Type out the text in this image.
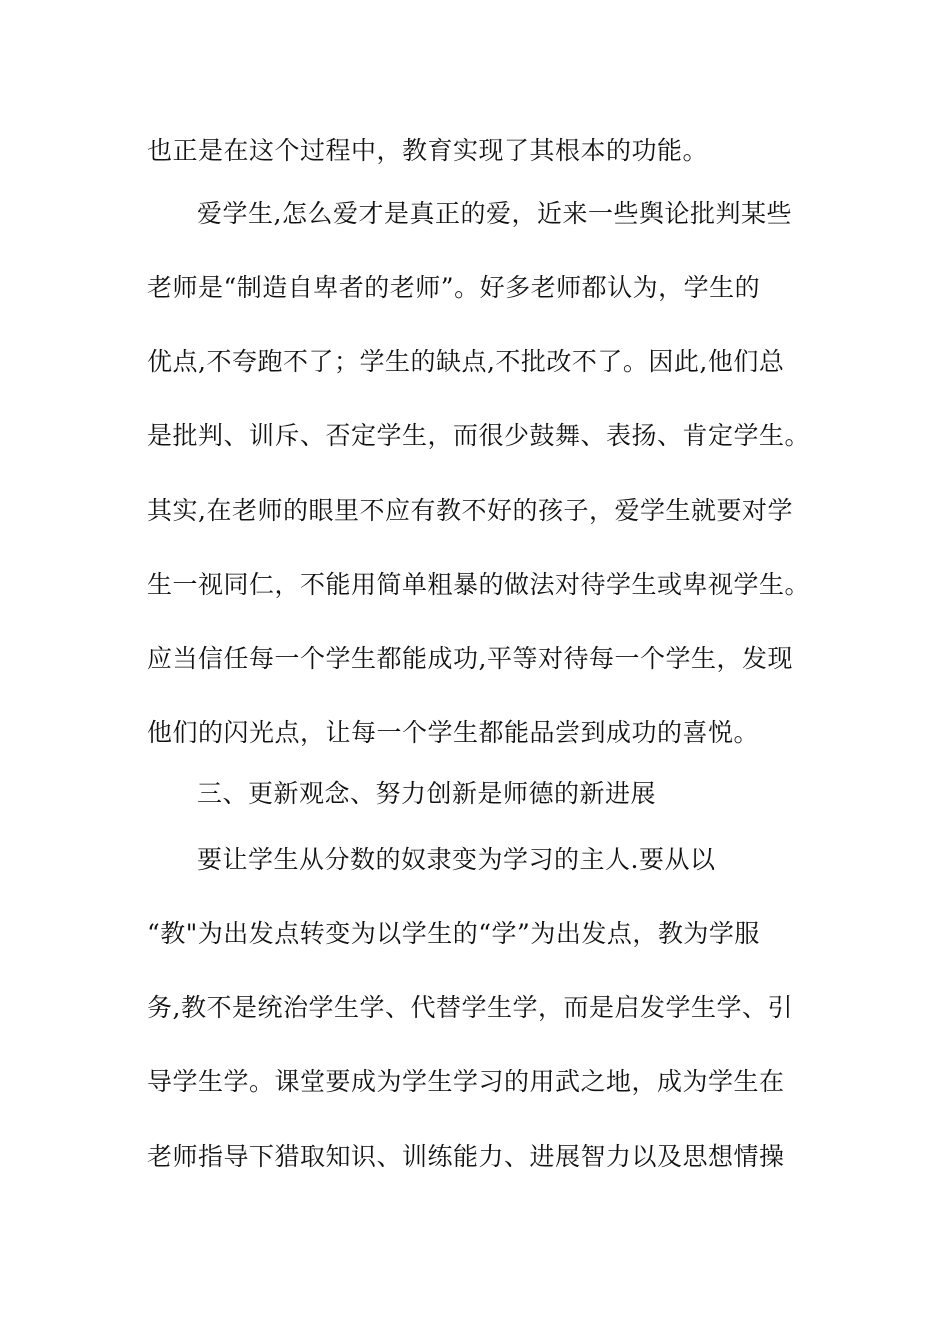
也正是在这个过程中，教育实现了其根本的功能。
爱学生,怎么爱才是真正的爱，近来一些舆论批判某些
老师是“制造自卑者的老师”。好多老师都认为，学生的
优点,不夸跑不了；学生的缺点,不批改不了。因此,他们总
是批判、训斥、否定学生，而很少鼓舞、表扬、肯定学生。
其实,在老师的眼里不应有教不好的孩子，爱学生就要对学
生一视同仁，不能用简单粗暴的做法对待学生或卑视学生。
应当信任每一个学生都能成功,平等对待每一个学生，发现
他们的闪光点，让每一个学生都能品尝到成功的喜悦。
三、更新观念、努力创新是师德的新进展
要让学生从分数的奴隶变为学习的主人.要从以
“教"为出发点转变为以学生的“学”为出发点，教为学服
务,教不是统治学生学、代替学生学，而是启发学生学、引
导学生学。课堂要成为学生学习的用武之地，成为学生在
老师指导下猎取知识、训练能力、进展智力以及思想情操
